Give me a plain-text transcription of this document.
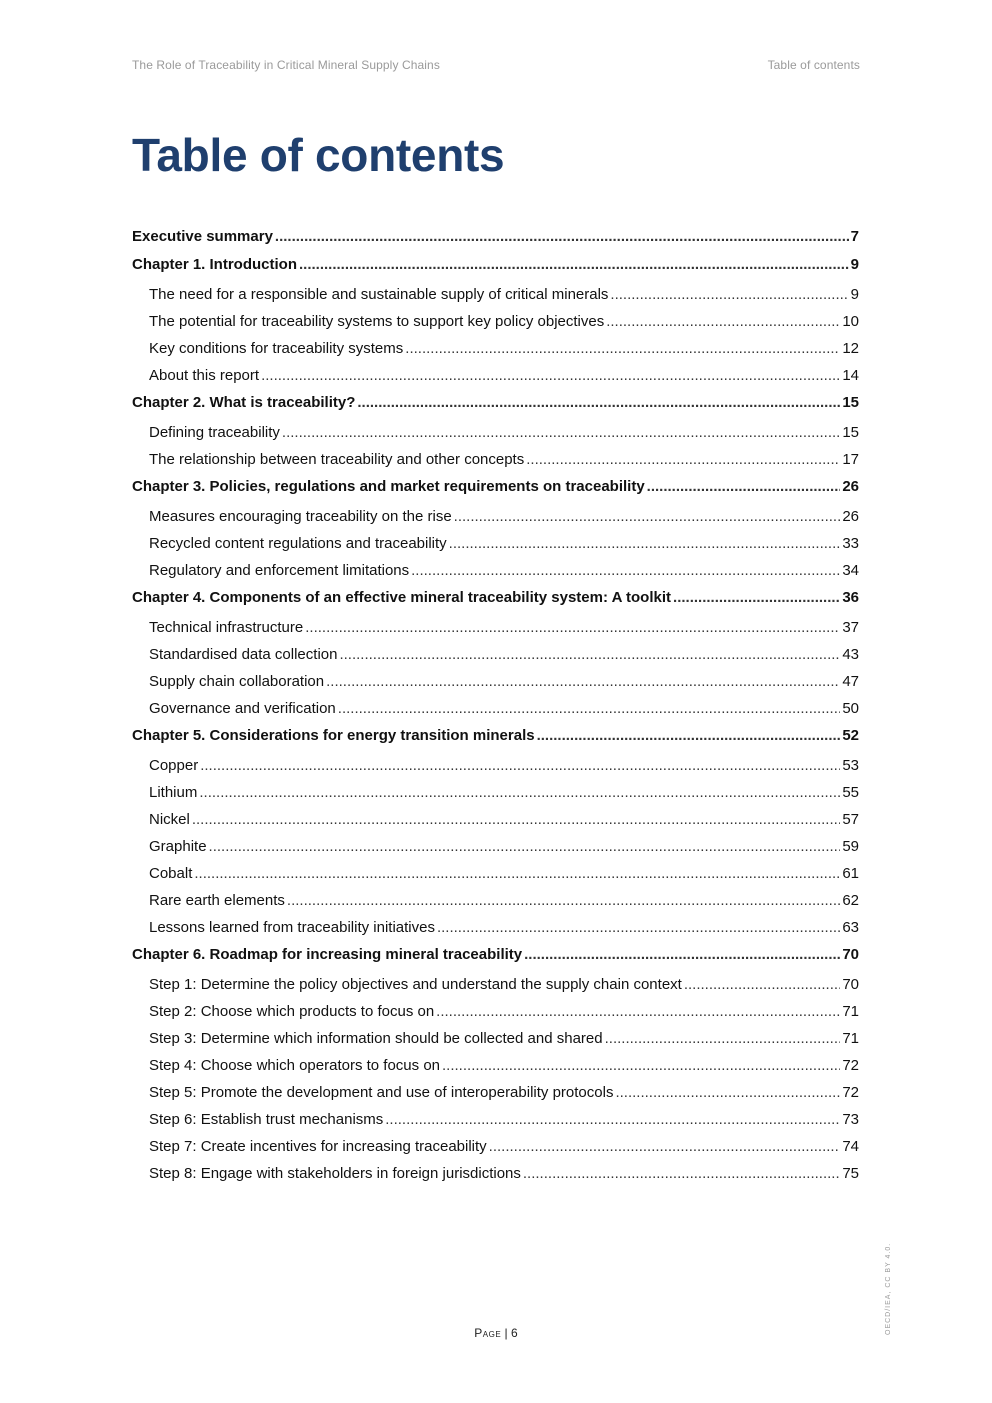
The Role of Traceability in Critical Mineral Supply Chains	Table of contents
Table of contents
Executive summary .....	7
Chapter 1. Introduction .....	9
The need for a responsible and sustainable supply of critical minerals .....	9
The potential for traceability systems to support key policy objectives .....	10
Key conditions for traceability systems .....	12
About this report .....	14
Chapter 2. What is traceability? .....	15
Defining traceability .....	15
The relationship between traceability and other concepts .....	17
Chapter 3. Policies, regulations and market requirements on traceability .....	26
Measures encouraging traceability on the rise .....	26
Recycled content regulations and traceability .....	33
Regulatory and enforcement limitations .....	34
Chapter 4. Components of an effective mineral traceability system: A toolkit .....	36
Technical infrastructure .....	37
Standardised data collection .....	43
Supply chain collaboration .....	47
Governance and verification .....	50
Chapter 5. Considerations for energy transition minerals .....	52
Copper .....	53
Lithium .....	55
Nickel .....	57
Graphite .....	59
Cobalt .....	61
Rare earth elements .....	62
Lessons learned from traceability initiatives .....	63
Chapter 6. Roadmap for increasing mineral traceability .....	70
Step 1: Determine the policy objectives and understand the supply chain context .....	70
Step 2: Choose which products to focus on .....	71
Step 3: Determine which information should be collected and shared .....	71
Step 4: Choose which operators to focus on .....	72
Step 5: Promote the development and use of interoperability protocols .....	72
Step 6: Establish trust mechanisms .....	73
Step 7: Create incentives for increasing traceability .....	74
Step 8: Engage with stakeholders in foreign jurisdictions .....	75
Page | 6	OECD/IEA, CC BY 4.0.
